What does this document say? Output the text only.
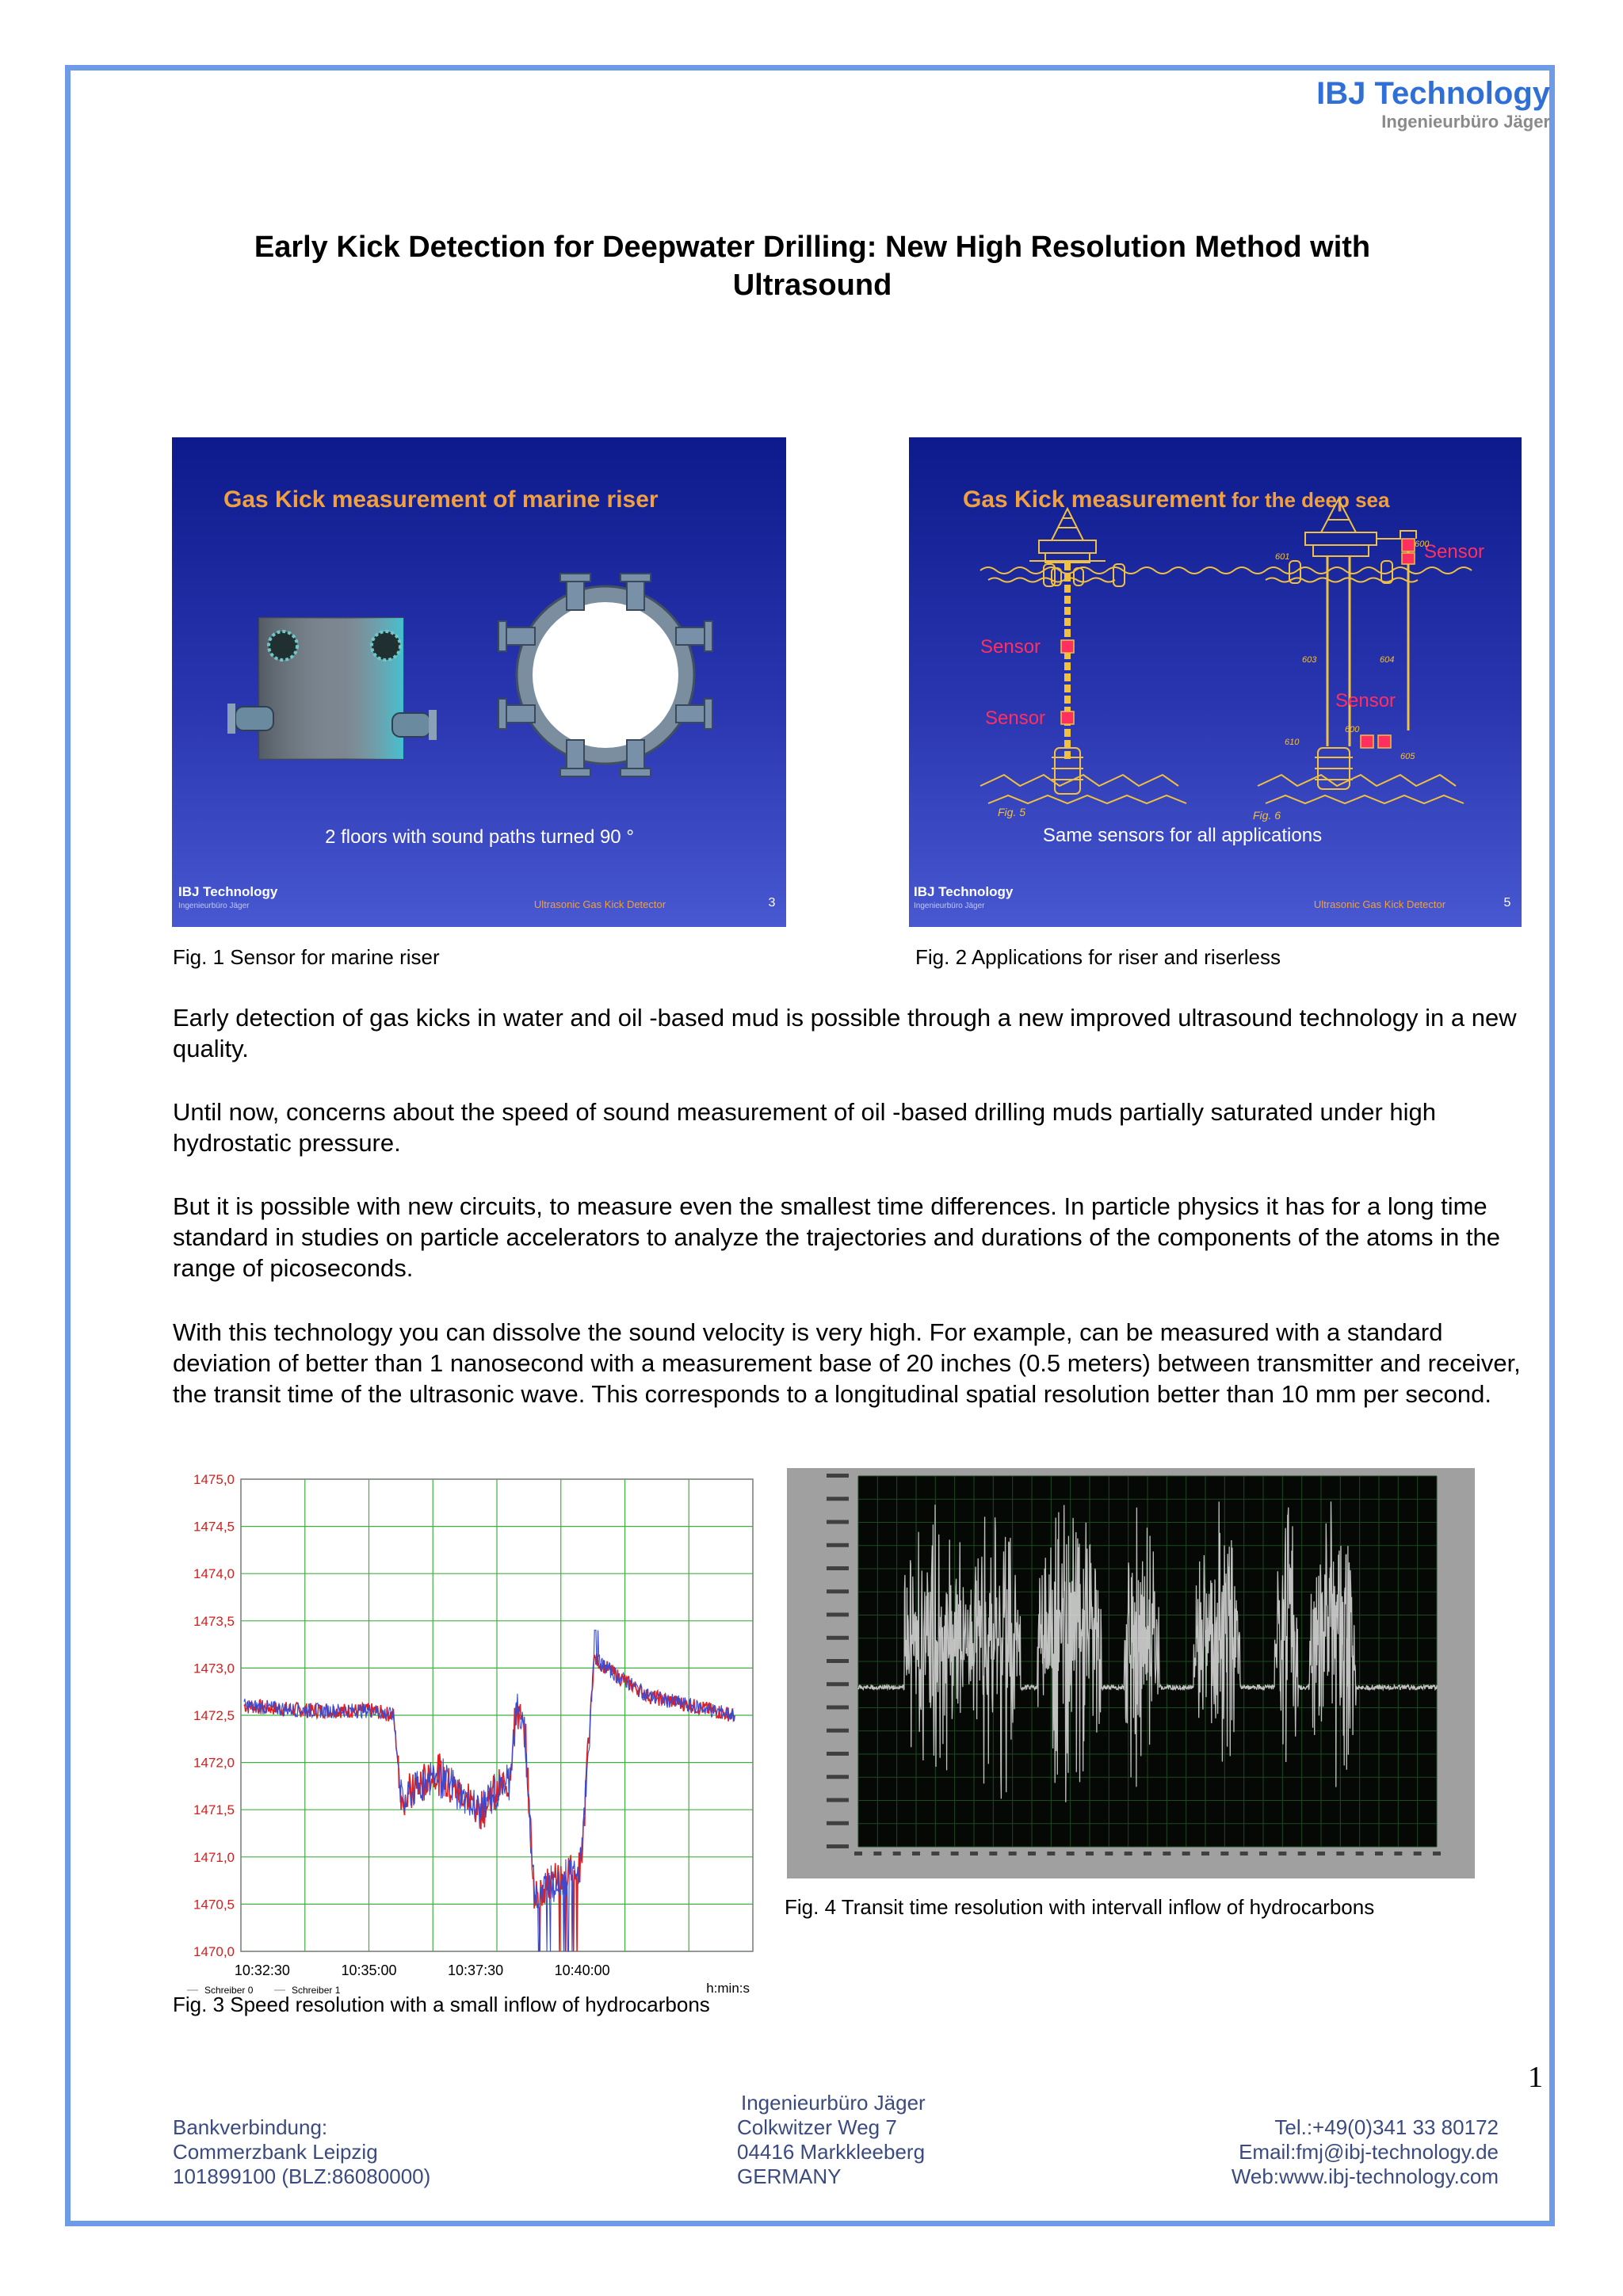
IBJ Technology
Ingenieurbüro Jäger
Early Kick Detection for Deepwater Drilling: New High Resolution Method with Ultrasound
Gas Kick measurement of marine riser
2 floors with sound paths turned 90 °
IBJ Technology
Ingenieurbüro Jäger	Ultrasonic Gas Kick Detector	3
Gas Kick measurement for the deep sea
Sensor
Sensor
Sensor
Sensor
601
600
603	604
610
605
600
Fig. 5	Fig. 6
Same sensors for all applications
IBJ Technology
Ingenieurbüro Jäger	Ultrasonic Gas Kick Detector	5
Fig. 1 Sensor for marine riser	Fig. 2 Applications for riser and riserless
Early detection of gas kicks in water and oil -based mud is possible through a new improved ultrasound technology in a new quality.
Until now, concerns about the speed of sound measurement of oil -based drilling muds partially saturated under high hydrostatic pressure.
But it is possible with new circuits, to measure even the smallest time differences. In particle physics it has for a long time standard in studies on particle accelerators to analyze the trajectories and durations of the components of the atoms in the range of picoseconds.
With this technology you can dissolve the sound velocity is very high. For example, can be measured with a standard deviation of better than 1 nanosecond with a measurement base of 20 inches (0.5 meters) between transmitter and receiver, the transit time of the ultrasonic wave. This corresponds to a longitudinal spatial resolution better than 10 mm per second.
1475,0
1474,5
1474,0
1473,5
1473,0
1472,5
1472,0
1471,5
1471,0
1470,5
1470,0
10:32:30	10:35:00	10:37:30	10:40:00
h:min:s
Schreiber 0	Schreiber 1
Fig. 3 Speed resolution with a small inflow of hydrocarbons
Fig. 4 Transit time resolution with intervall inflow of hydrocarbons
1
Bankverbindung:
Commerzbank Leipzig
101899100 (BLZ:86080000)
Ingenieurbüro Jäger
Colkwitzer Weg 7
04416 Markkleeberg
GERMANY
Tel.:+49(0)341 33 80172
Email:fmj@ibj-technology.de
Web:www.ibj-technology.com
